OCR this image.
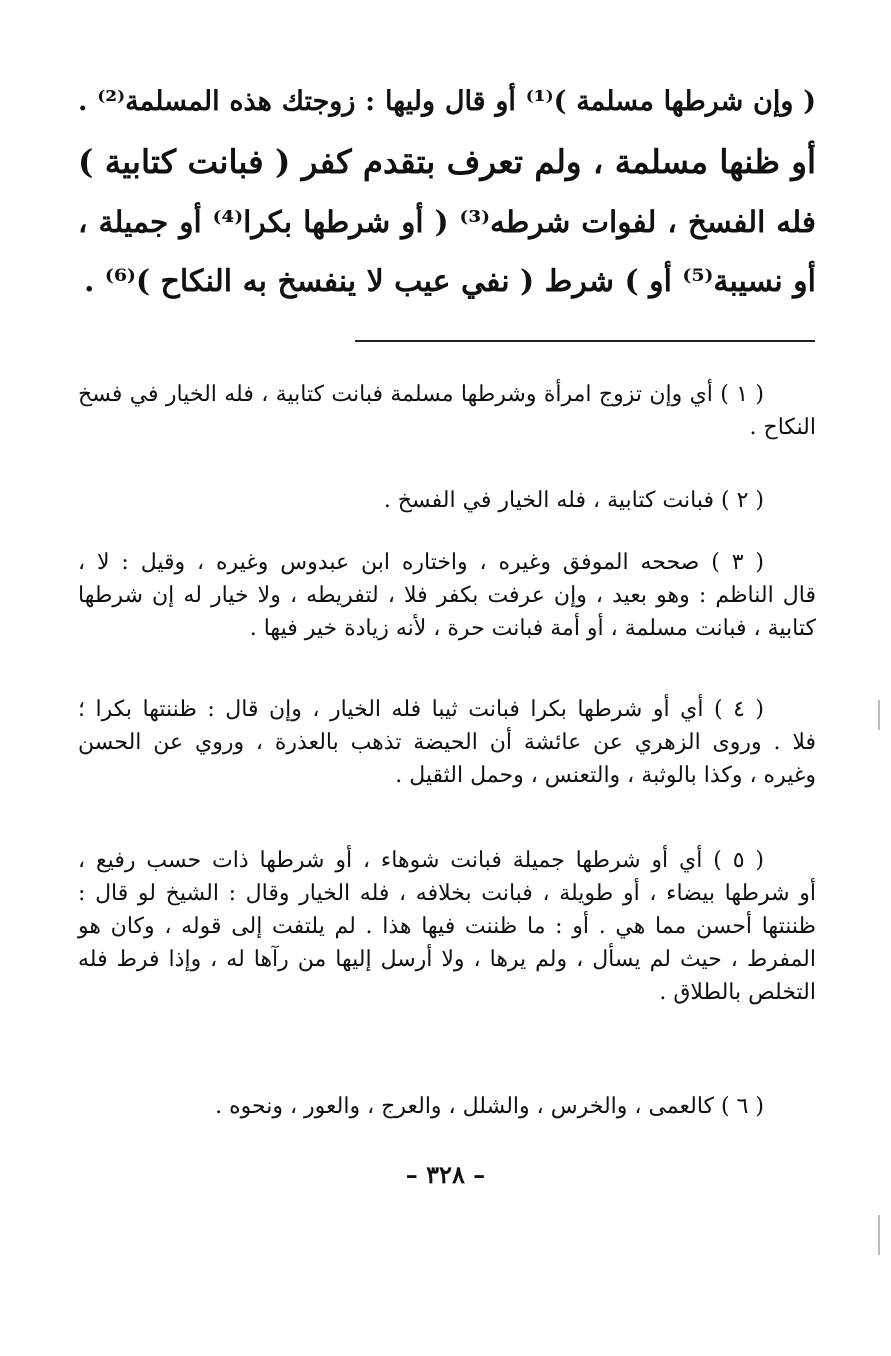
( وإن شرطها مسلمة )⁽¹⁾ أو قال وليها : زوجتك هذه المسلمة⁽²⁾ .
أو ظنها مسلمة ، ولم تعرف بتقدم كفر ( فبانت كتابية )
فله الفسخ ، لفوات شرطه⁽³⁾ ( أو شرطها بكرا⁽⁴⁾ أو جميلة ،
أو نسيبة⁽⁵⁾ أو ) شرط ( نفي عيب لا ينفسخ به النكاح )⁽⁶⁾ .
( ١ ) أي وإن تزوج امرأة وشرطها مسلمة فبانت كتابية ، فله الخيار في فسخ
النكاح .
( ٢ ) فبانت كتابية ، فله الخيار في الفسخ .
( ٣ ) صححه الموفق وغيره ، واختاره ابن عبدوس وغيره ، وقيل : لا ،
قال الناظم : وهو بعيد ، وإن عرفت بكفر فلا ، لتفريطه ، ولا خيار له إن شرطها
كتابية ، فبانت مسلمة ، أو أمة فبانت حرة ، لأنه زيادة خير فيها .
( ٤ ) أي أو شرطها بكرا فبانت ثيبا فله الخيار ، وإن قال : ظننتها بكرا ؛
فلا . وروى الزهري عن عائشة أن الحيضة تذهب بالعذرة ، وروي عن الحسن
وغيره ، وكذا بالوثبة ، والتعنس ، وحمل الثقيل .
( ٥ ) أي أو شرطها جميلة فبانت شوهاء ، أو شرطها ذات حسب رفيع ،
أو شرطها بيضاء ، أو طويلة ، فبانت بخلافه ، فله الخيار وقال : الشيخ لو قال :
ظننتها أحسن مما هي . أو : ما ظننت فيها هذا . لم يلتفت إلى قوله ، وكان هو
المفرط ، حيث لم يسأل ، ولم يرها ، ولا أرسل إليها من رآها له ، وإذا فرط فله
التخلص بالطلاق .
( ٦ ) كالعمى ، والخرس ، والشلل ، والعرج ، والعور ، ونحوه .
– ٣٢٨ –
